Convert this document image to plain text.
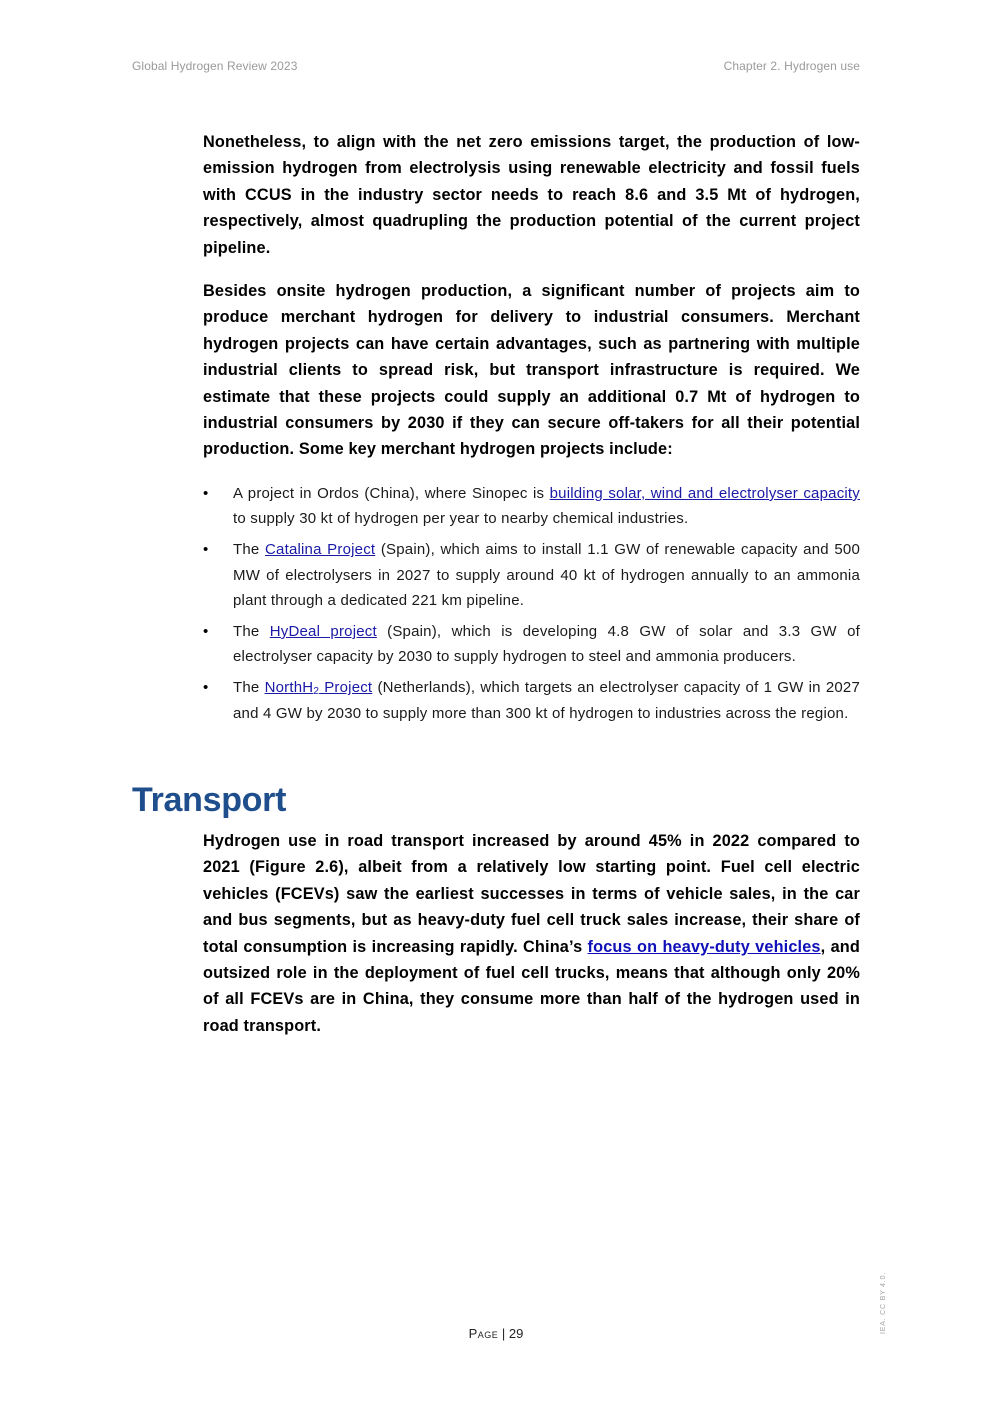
Global Hydrogen Review 2023	Chapter 2. Hydrogen use

Nonetheless, to align with the net zero emissions target, the production of low-emission hydrogen from electrolysis using renewable electricity and fossil fuels with CCUS in the industry sector needs to reach 8.6 and 3.5 Mt of hydrogen, respectively, almost quadrupling the production potential of the current project pipeline.

Besides onsite hydrogen production, a significant number of projects aim to produce merchant hydrogen for delivery to industrial consumers. Merchant hydrogen projects can have certain advantages, such as partnering with multiple industrial clients to spread risk, but transport infrastructure is required. We estimate that these projects could supply an additional 0.7 Mt of hydrogen to industrial consumers by 2030 if they can secure off-takers for all their potential production. Some key merchant hydrogen projects include:

• A project in Ordos (China), where Sinopec is building solar, wind and electrolyser capacity to supply 30 kt of hydrogen per year to nearby chemical industries.
• The Catalina Project (Spain), which aims to install 1.1 GW of renewable capacity and 500 MW of electrolysers in 2027 to supply around 40 kt of hydrogen annually to an ammonia plant through a dedicated 221 km pipeline.
• The HyDeal project (Spain), which is developing 4.8 GW of solar and 3.3 GW of electrolyser capacity by 2030 to supply hydrogen to steel and ammonia producers.
• The NorthH$_2$ Project (Netherlands), which targets an electrolyser capacity of 1 GW in 2027 and 4 GW by 2030 to supply more than 300 kt of hydrogen to industries across the region.
Transport

Hydrogen use in road transport increased by around 45% in 2022 compared to 2021 (Figure 2.6), albeit from a relatively low starting point. Fuel cell electric vehicles (FCEVs) saw the earliest successes in terms of vehicle sales, in the car and bus segments, but as heavy-duty fuel cell truck sales increase, their share of total consumption is increasing rapidly. China’s focus on heavy-duty vehicles, and outsized role in the deployment of fuel cell trucks, means that although only 20% of all FCEVs are in China, they consume more than half of the hydrogen used in road transport.

Page | 29	IEA. CC BY 4.0.
